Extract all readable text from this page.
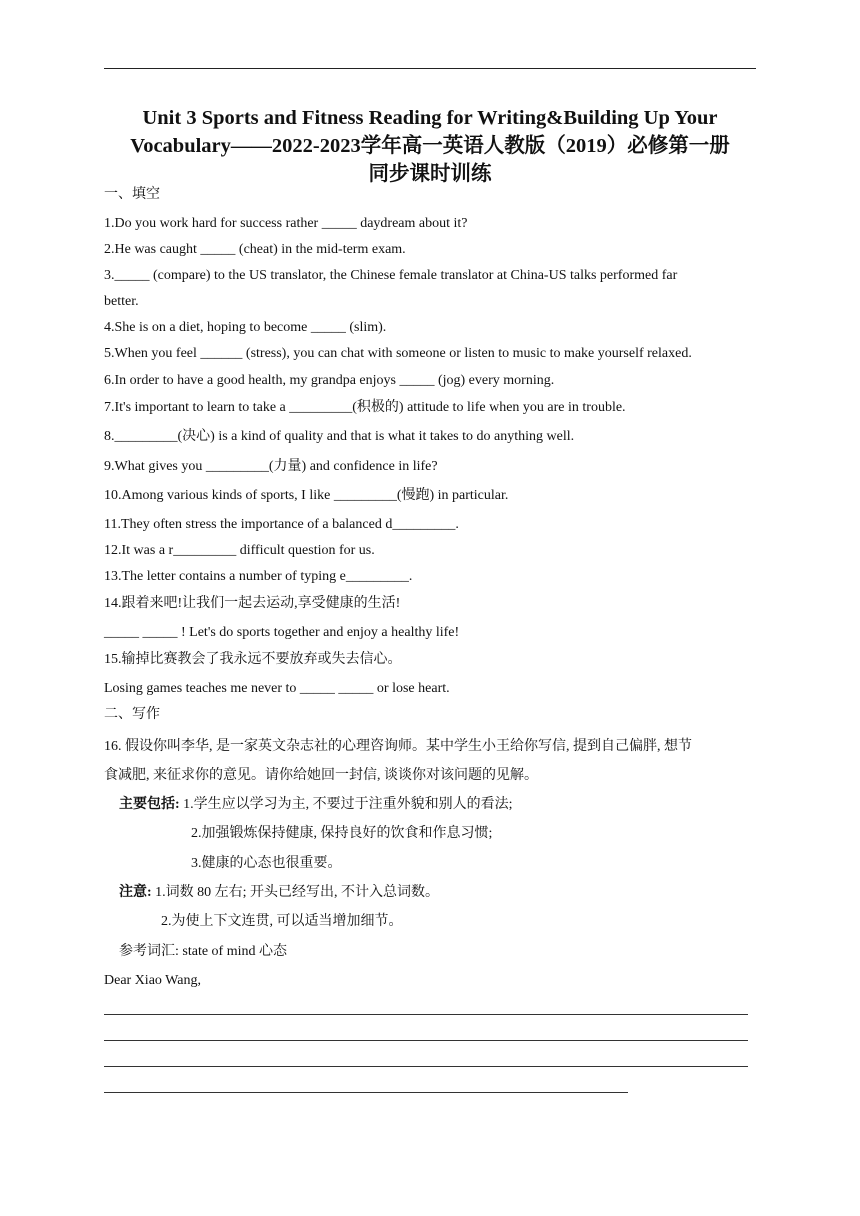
Unit 3 Sports and Fitness Reading for Writing&Building Up Your
Vocabulary——2022-2023学年高一英语人教版（2019）必修第一册
同步课时训练
一、填空
1.Do you work hard for success rather _____ daydream about it?
2.He was caught _____ (cheat) in the mid-term exam.
3._____ (compare) to the US translator, the Chinese female translator at China-US talks performed far
better.
4.She is on a diet, hoping to become _____ (slim).
5.When you feel ______ (stress), you can chat with someone or listen to music to make yourself relaxed.
6.In order to have a good health, my grandpa enjoys _____ (jog) every morning.
7.It's important to learn to take a _________(积极的) attitude to life when you are in trouble.
8._________(决心) is a kind of quality and that is what it takes to do anything well.
9.What gives you _________(力量) and confidence in life?
10.Among various kinds of sports, I like _________(慢跑) in particular.
11.They often stress the importance of a balanced d_________.
12.It was a r_________ difficult question for us.
13.The letter contains a number of typing e_________.
14.跟着来吧!让我们一起去运动,享受健康的生活!
_____ _____ ! Let's do sports together and enjoy a healthy life!
15.输掉比赛教会了我永远不要放弃或失去信心。
Losing games teaches me never to _____ _____ or lose heart.
二、写作
16. 假设你叫李华, 是一家英文杂志社的心理咨询师。某中学生小王给你写信, 提到自己偏胖, 想节
食减肥, 来征求你的意见。请你给她回一封信, 谈谈你对该问题的见解。
主要包括: 1.学生应以学习为主, 不要过于注重外貌和别人的看法;
2.加强锻炼保持健康, 保持良好的饮食和作息习惯;
3.健康的心态也很重要。
注意: 1.词数 80 左右; 开头已经写出, 不计入总词数。
2.为使上下文连贯, 可以适当增加细节。
参考词汇: state of mind 心态
Dear Xiao Wang,
